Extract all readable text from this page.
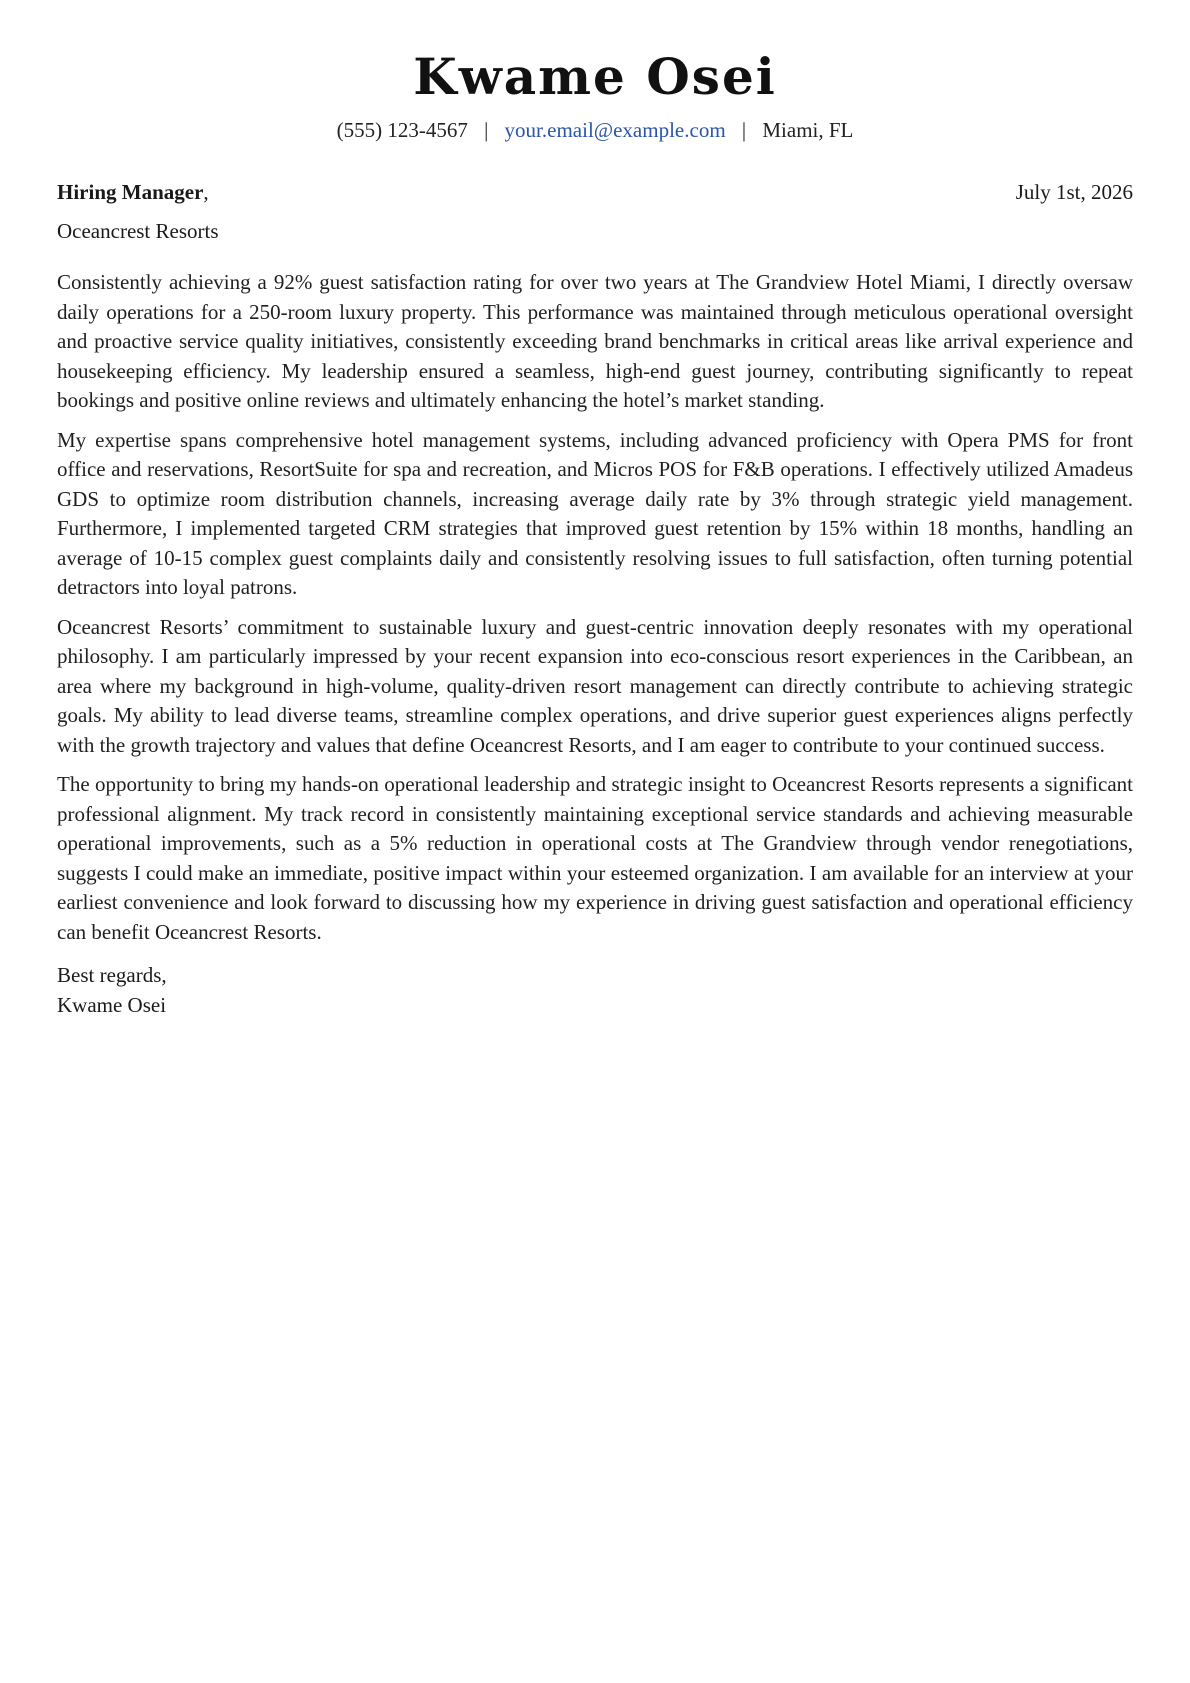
Kwame Osei
(555) 123-4567 | your.email@example.com | Miami, FL
Hiring Manager,	July 1st, 2026
Oceancrest Resorts

Consistently achieving a 92% guest satisfaction rating for over two years at The Grandview Hotel Miami, I directly oversaw daily operations for a 250-room luxury property. This performance was maintained through meticulous operational oversight and proactive service quality initiatives, consistently exceeding brand benchmarks in critical areas like arrival experience and housekeeping efficiency. My leadership ensured a seamless, high-end guest journey, contributing significantly to repeat bookings and positive online reviews and ultimately enhancing the hotel’s market standing.

My expertise spans comprehensive hotel management systems, including advanced proficiency with Opera PMS for front office and reservations, ResortSuite for spa and recreation, and Micros POS for F&B operations. I effectively utilized Amadeus GDS to optimize room distribution channels, increasing average daily rate by 3% through strategic yield management. Furthermore, I implemented targeted CRM strategies that improved guest retention by 15% within 18 months, handling an average of 10-15 complex guest complaints daily and consistently resolving issues to full satisfaction, often turning potential detractors into loyal patrons.

Oceancrest Resorts’ commitment to sustainable luxury and guest-centric innovation deeply resonates with my operational philosophy. I am particularly impressed by your recent expansion into eco-conscious resort experiences in the Caribbean, an area where my background in high-volume, quality-driven resort management can directly contribute to achieving strategic goals. My ability to lead diverse teams, streamline complex operations, and drive superior guest experiences aligns perfectly with the growth trajectory and values that define Oceancrest Resorts, and I am eager to contribute to your continued success.

The opportunity to bring my hands-on operational leadership and strategic insight to Oceancrest Resorts represents a significant professional alignment. My track record in consistently maintaining exceptional service standards and achieving measurable operational improvements, such as a 5% reduction in operational costs at The Grandview through vendor renegotiations, suggests I could make an immediate, positive impact within your esteemed organization. I am available for an interview at your earliest convenience and look forward to discussing how my experience in driving guest satisfaction and operational efficiency can benefit Oceancrest Resorts.

Best regards,
Kwame Osei
